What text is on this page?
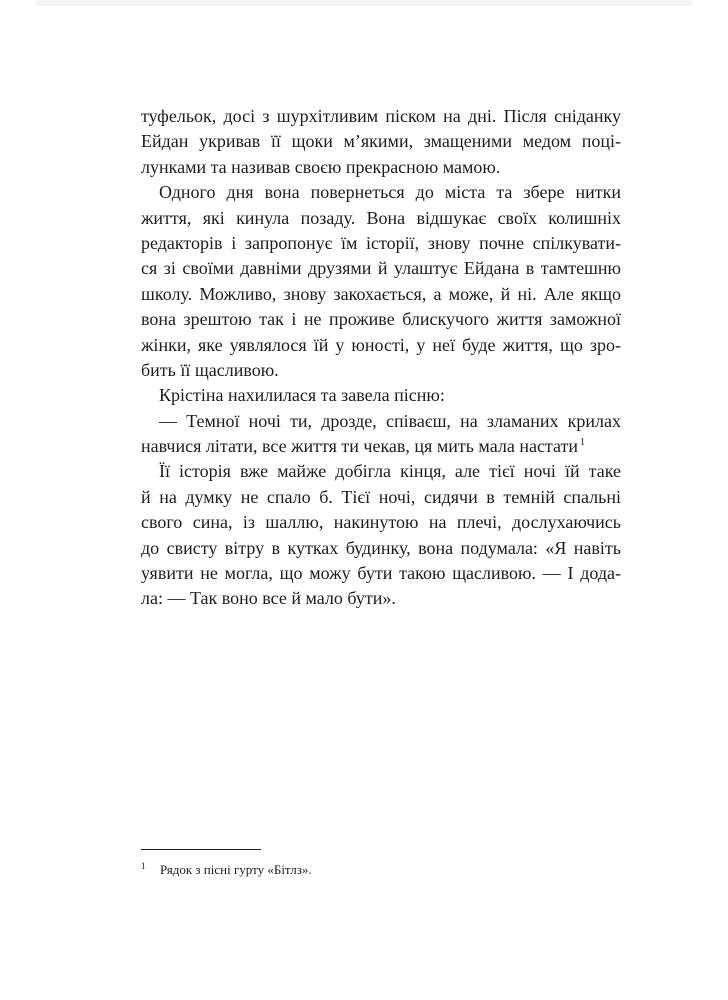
туфельок, досі з шурхітливим піском на дні. Після сніданку
Ейдан укривав її щоки м’якими, змащеними медом поці-
лунками та називав своєю прекрасною мамою.
Одного дня вона повернеться до міста та збере нитки
життя, які кинула позаду. Вона відшукає своїх колишніх
редакторів і запропонує їм історії, знову почне спілкувати-
ся зі своїми давніми друзями й улаштує Ейдана в тамтешню
школу. Можливо, знову закохається, а може, й ні. Але якщо
вона зрештою так і не проживе блискучого життя заможної
жінки, яке уявлялося їй у юності, у неї буде життя, що зро-
бить її щасливою.
Крістіна нахилилася та завела пісню:
— Темної ночі ти, дрозде, співаєш, на зламаних крилах
навчися літати, все життя ти чекав, ця мить мала настати $^1$
Її історія вже майже добігла кінця, але тієї ночі їй таке
й на думку не спало б. Тієї ночі, сидячи в темній спальні
свого сина, із шаллю, накинутою на плечі, дослухаючись
до свисту вітру в кутках будинку, вона подумала: «Я навіть
уявити не могла, що можу бути такою щасливою. — І дода-
ла: — Так воно все й мало бути».
1 Рядок з пісні гурту «Бітлз».
